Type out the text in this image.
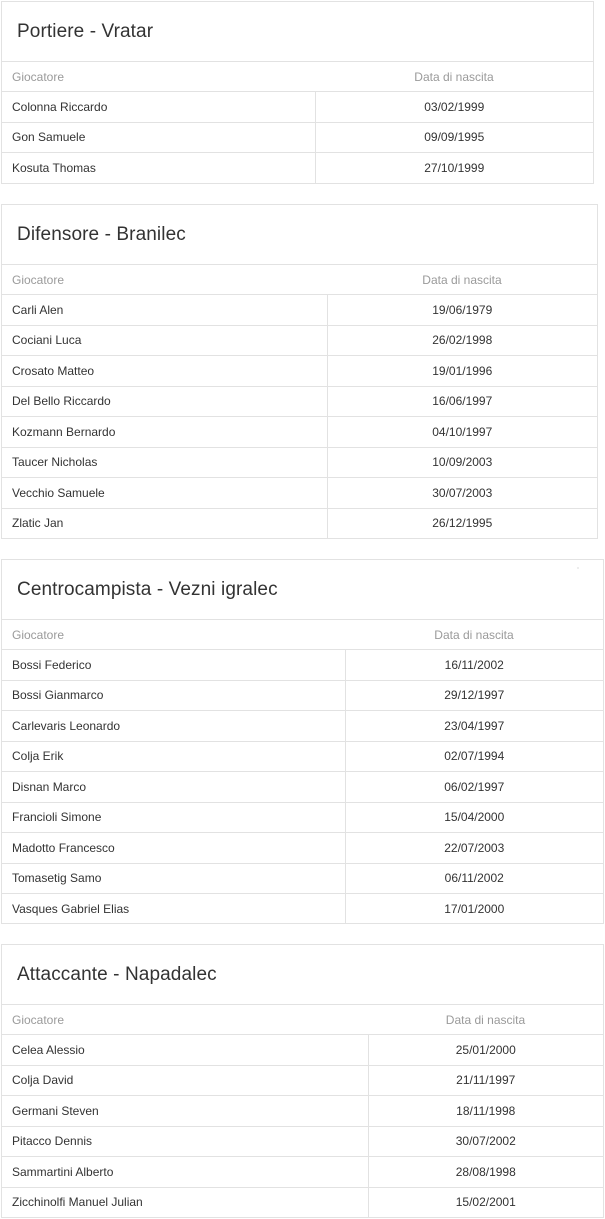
Portiere - Vratar
Giocatore	Data di nascita
Colonna Riccardo	03/02/1999
Gon Samuele	09/09/1995
Kosuta Thomas	27/10/1999
Difensore - Branilec
Giocatore	Data di nascita
Carli Alen	19/06/1979
Cociani Luca	26/02/1998
Crosato Matteo	19/01/1996
Del Bello Riccardo	16/06/1997
Kozmann Bernardo	04/10/1997
Taucer Nicholas	10/09/2003
Vecchio Samuele	30/07/2003
Zlatic Jan	26/12/1995
Centrocampista - Vezni igralec
Giocatore	Data di nascita
Bossi Federico	16/11/2002
Bossi Gianmarco	29/12/1997
Carlevaris Leonardo	23/04/1997
Colja Erik	02/07/1994
Disnan Marco	06/02/1997
Francioli Simone	15/04/2000
Madotto Francesco	22/07/2003
Tomasetig Samo	06/11/2002
Vasques Gabriel Elias	17/01/2000
Attaccante - Napadalec
Giocatore	Data di nascita
Celea Alessio	25/01/2000
Colja David	21/11/1997
Germani Steven	18/11/1998
Pitacco Dennis	30/07/2002
Sammartini Alberto	28/08/1998
Zicchinolfi Manuel Julian	15/02/2001
